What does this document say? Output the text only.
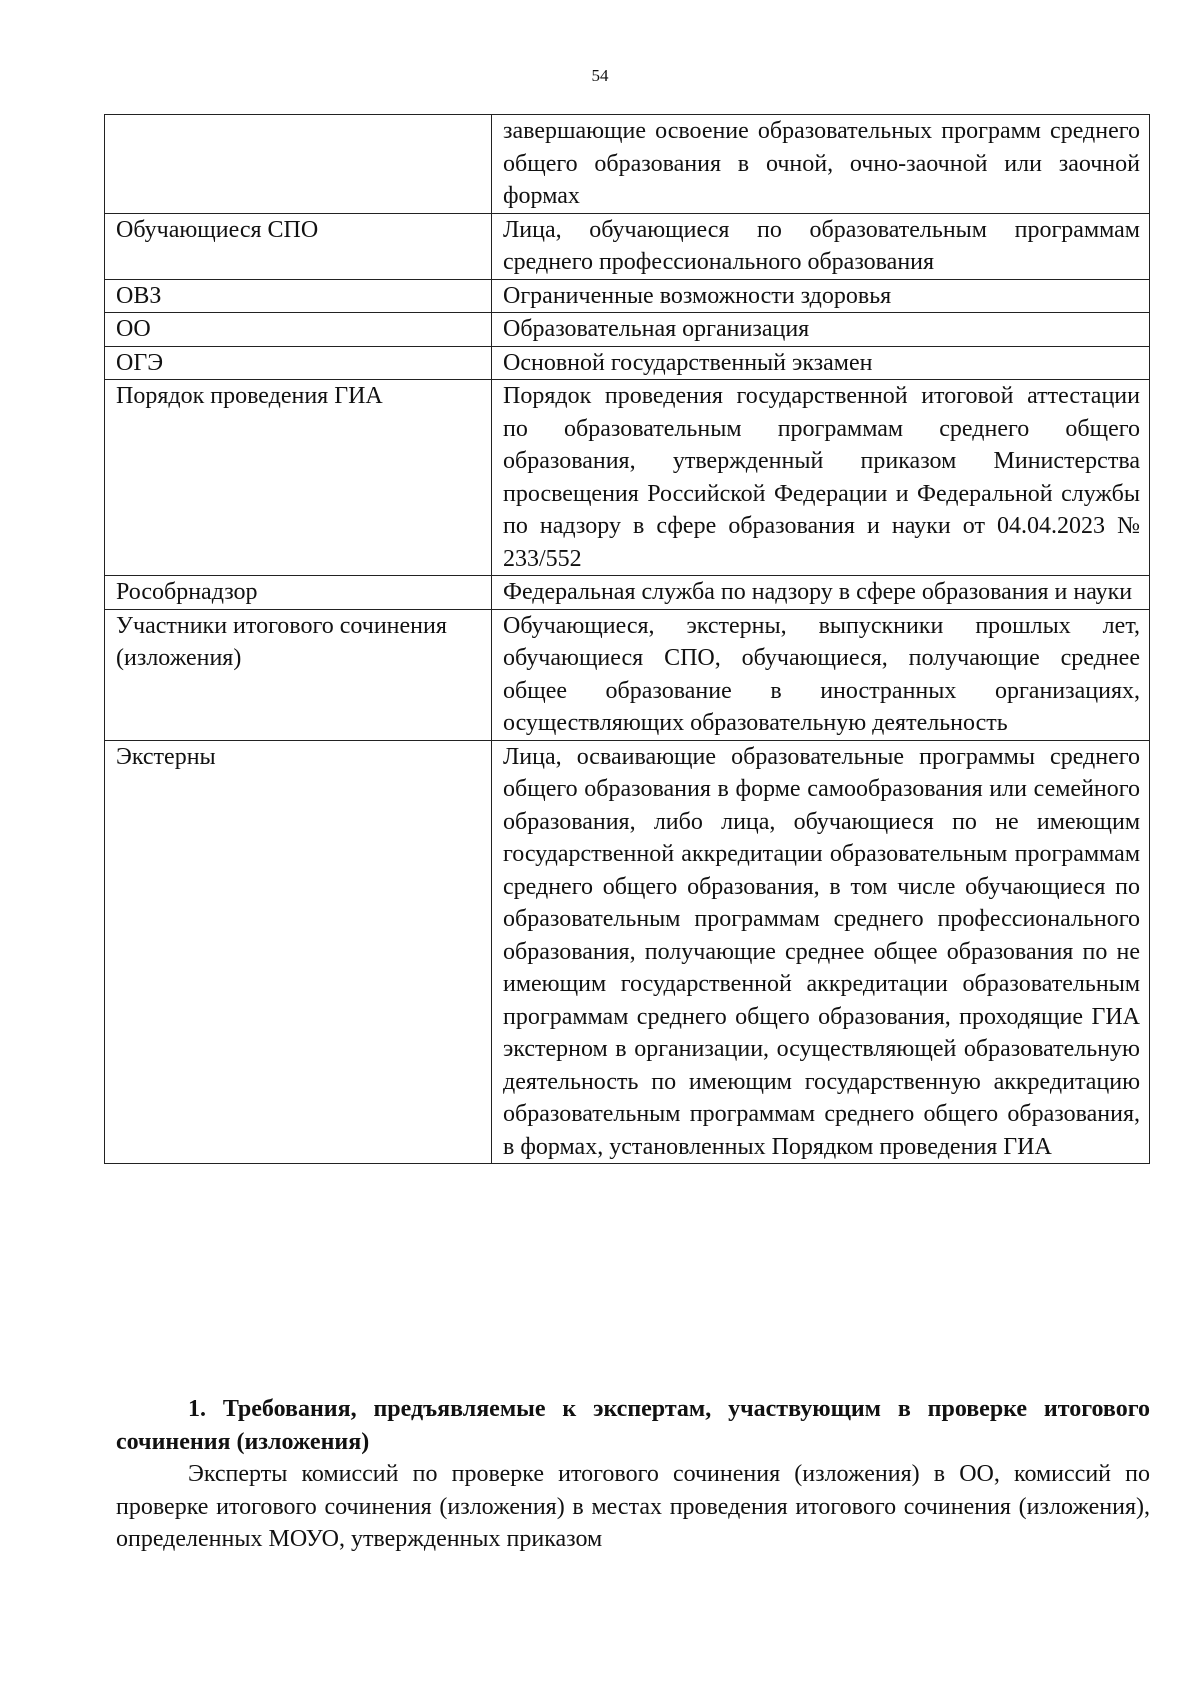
54
	завершающие освоение образовательных программ среднего общего образования в очной, очно-заочной или заочной формах
Обучающиеся СПО	Лица, обучающиеся по образовательным программам среднего профессионального образования
ОВЗ	Ограниченные возможности здоровья
ОО	Образовательная организация
ОГЭ	Основной государственный экзамен
Порядок проведения ГИА	Порядок проведения государственной итоговой аттестации по образовательным программам среднего общего образования, утвержденный приказом Министерства просвещения Российской Федерации и Федеральной службы по надзору в сфере образования и науки от 04.04.2023 № 233/552
Рособрнадзор	Федеральная служба по надзору в сфере образования и науки
Участники итогового сочинения (изложения)	Обучающиеся, экстерны, выпускники прошлых лет, обучающиеся СПО, обучающиеся, получающие среднее общее образование в иностранных организациях, осуществляющих образовательную деятельность
Экстерны	Лица, осваивающие образовательные программы среднего общего образования в форме самообразования или семейного образования, либо лица, обучающиеся по не имеющим государственной аккредитации образовательным программам среднего общего образования, в том числе обучающиеся по образовательным программам среднего профессионального образования, получающие среднее общее образования по не имеющим государственной аккредитации образовательным программам среднего общего образования, проходящие ГИА экстерном в организации, осуществляющей образовательную деятельность по имеющим государственную аккредитацию образовательным программам среднего общего образования, в формах, установленных Порядком проведения ГИА

1. Требования, предъявляемые к экспертам, участвующим в проверке итогового сочинения (изложения)

Эксперты комиссий по проверке итогового сочинения (изложения) в ОО, комиссий по проверке итогового сочинения (изложения) в местах проведения итогового сочинения (изложения), определенных МОУО, утвержденных приказом
